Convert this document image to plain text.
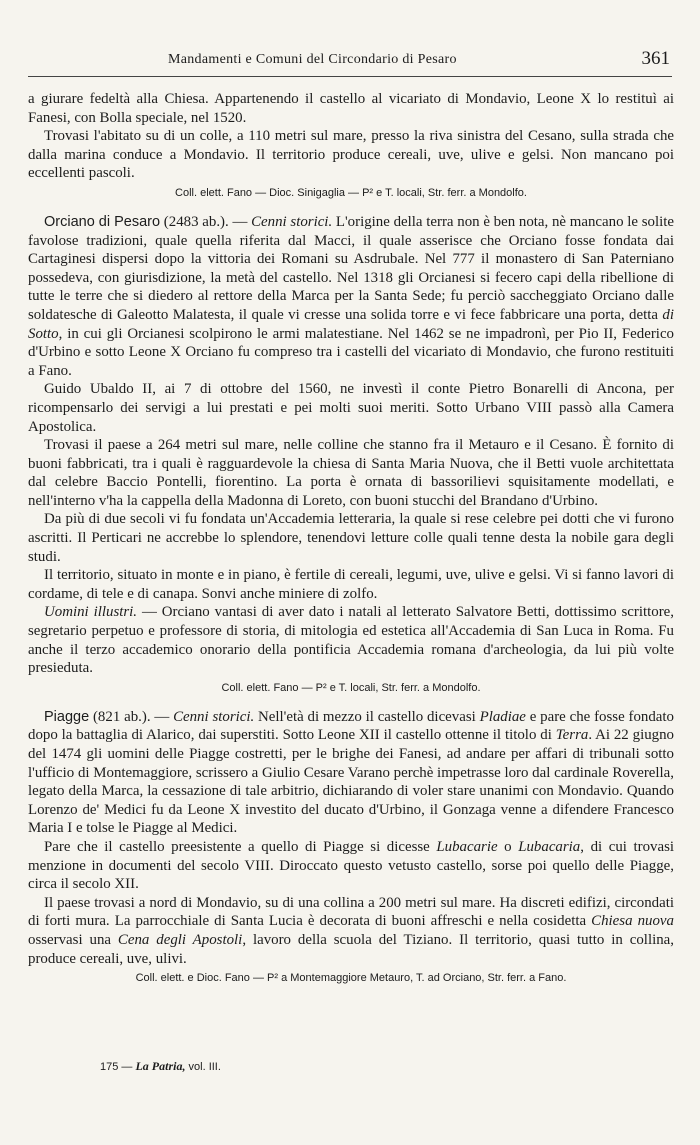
Mandamenti e Comuni del Circondario di Pesaro	361

a giurare fedeltà alla Chiesa. Appartenendo il castello al vicariato di Mondavio, Leone X lo restituì ai Fanesi, con Bolla speciale, nel 1520.

Trovasi l'abitato su di un colle, a 110 metri sul mare, presso la riva sinistra del Cesano, sulla strada che dalla marina conduce a Mondavio. Il territorio produce cereali, uve, ulive e gelsi. Non mancano poi eccellenti pascoli.

Coll. elett. Fano — Dioc. Sinigaglia — P² e T. locali, Str. ferr. a Mondolfo.

Orciano di Pesaro (2483 ab.). — Cenni storici. L'origine della terra non è ben nota, nè mancano le solite favolose tradizioni, quale quella riferita dal Macci, il quale asserisce che Orciano fosse fondata dai Cartaginesi dispersi dopo la vittoria dei Romani su Asdrubale. Nel 777 il monastero di San Paterniano possedeva, con giurisdizione, la metà del castello. Nel 1318 gli Orcianesi si fecero capi della ribellione di tutte le terre che si diedero al rettore della Marca per la Santa Sede; fu perciò saccheggiato Orciano dalle soldatesche di Galeotto Malatesta, il quale vi cresse una solida torre e vi fece fabbricare una porta, detta di Sotto, in cui gli Orcianesi scolpirono le armi malatestiane. Nel 1462 se ne impadronì, per Pio II, Federico d'Urbino e sotto Leone X Orciano fu compreso tra i castelli del vicariato di Mondavio, che furono restituiti a Fano.

Guido Ubaldo II, ai 7 di ottobre del 1560, ne investì il conte Pietro Bonarelli di Ancona, per ricompensarlo dei servigi a lui prestati e pei molti suoi meriti. Sotto Urbano VIII passò alla Camera Apostolica.

Trovasi il paese a 264 metri sul mare, nelle colline che stanno fra il Metauro e il Cesano. È fornito di buoni fabbricati, tra i quali è ragguardevole la chiesa di Santa Maria Nuova, che il Betti vuole architettata dal celebre Baccio Pontelli, fiorentino. La porta è ornata di bassorilievi squisitamente modellati, e nell'interno v'ha la cappella della Madonna di Loreto, con buoni stucchi del Brandano d'Urbino.

Da più di due secoli vi fu fondata un'Accademia letteraria, la quale si rese celebre pei dotti che vi furono ascritti. Il Perticari ne accrebbe lo splendore, tenendovi letture colle quali tenne desta la nobile gara degli studi.

Il territorio, situato in monte e in piano, è fertile di cereali, legumi, uve, ulive e gelsi. Vi si fanno lavori di cordame, di tele e di canapa. Sonvi anche miniere di zolfo.

Uomini illustri. — Orciano vantasi di aver dato i natali al letterato Salvatore Betti, dottissimo scrittore, segretario perpetuo e professore di storia, di mitologia ed estetica all'Accademia di San Luca in Roma. Fu anche il terzo accademico onorario della pontificia Accademia romana d'archeologia, da lui più volte presieduta.

Coll. elett. Fano — P² e T. locali, Str. ferr. a Mondolfo.

Piagge (821 ab.). — Cenni storici. Nell'età di mezzo il castello dicevasi Pladiae e pare che fosse fondato dopo la battaglia di Alarico, dai superstiti. Sotto Leone XII il castello ottenne il titolo di Terra. Ai 22 giugno del 1474 gli uomini delle Piagge costretti, per le brighe dei Fanesi, ad andare per affari di tribunali sotto l'ufficio di Montemaggiore, scrissero a Giulio Cesare Varano perchè impetrasse loro dal cardinale Roverella, legato della Marca, la cessazione di tale arbitrio, dichiarando di voler stare unanimi con Mondavio. Quando Lorenzo de' Medici fu da Leone X investito del ducato d'Urbino, il Gonzaga venne a difendere Francesco Maria I e tolse le Piagge al Medici.

Pare che il castello preesistente a quello di Piagge si dicesse Lubacarie o Lubacaria, di cui trovasi menzione in documenti del secolo VIII. Diroccato questo vetusto castello, sorse poi quello delle Piagge, circa il secolo XII.

Il paese trovasi a nord di Mondavio, su di una collina a 200 metri sul mare. Ha discreti edifizi, circondati di forti mura. La parrocchiale di Santa Lucia è decorata di buoni affreschi e nella cosidetta Chiesa nuova osservasi una Cena degli Apostoli, lavoro della scuola del Tiziano. Il territorio, quasi tutto in collina, produce cereali, uve, ulivi.

Coll. elett. e Dioc. Fano — P² a Montemaggiore Metauro, T. ad Orciano, Str. ferr. a Fano.
175 — La Patria, vol. III.
